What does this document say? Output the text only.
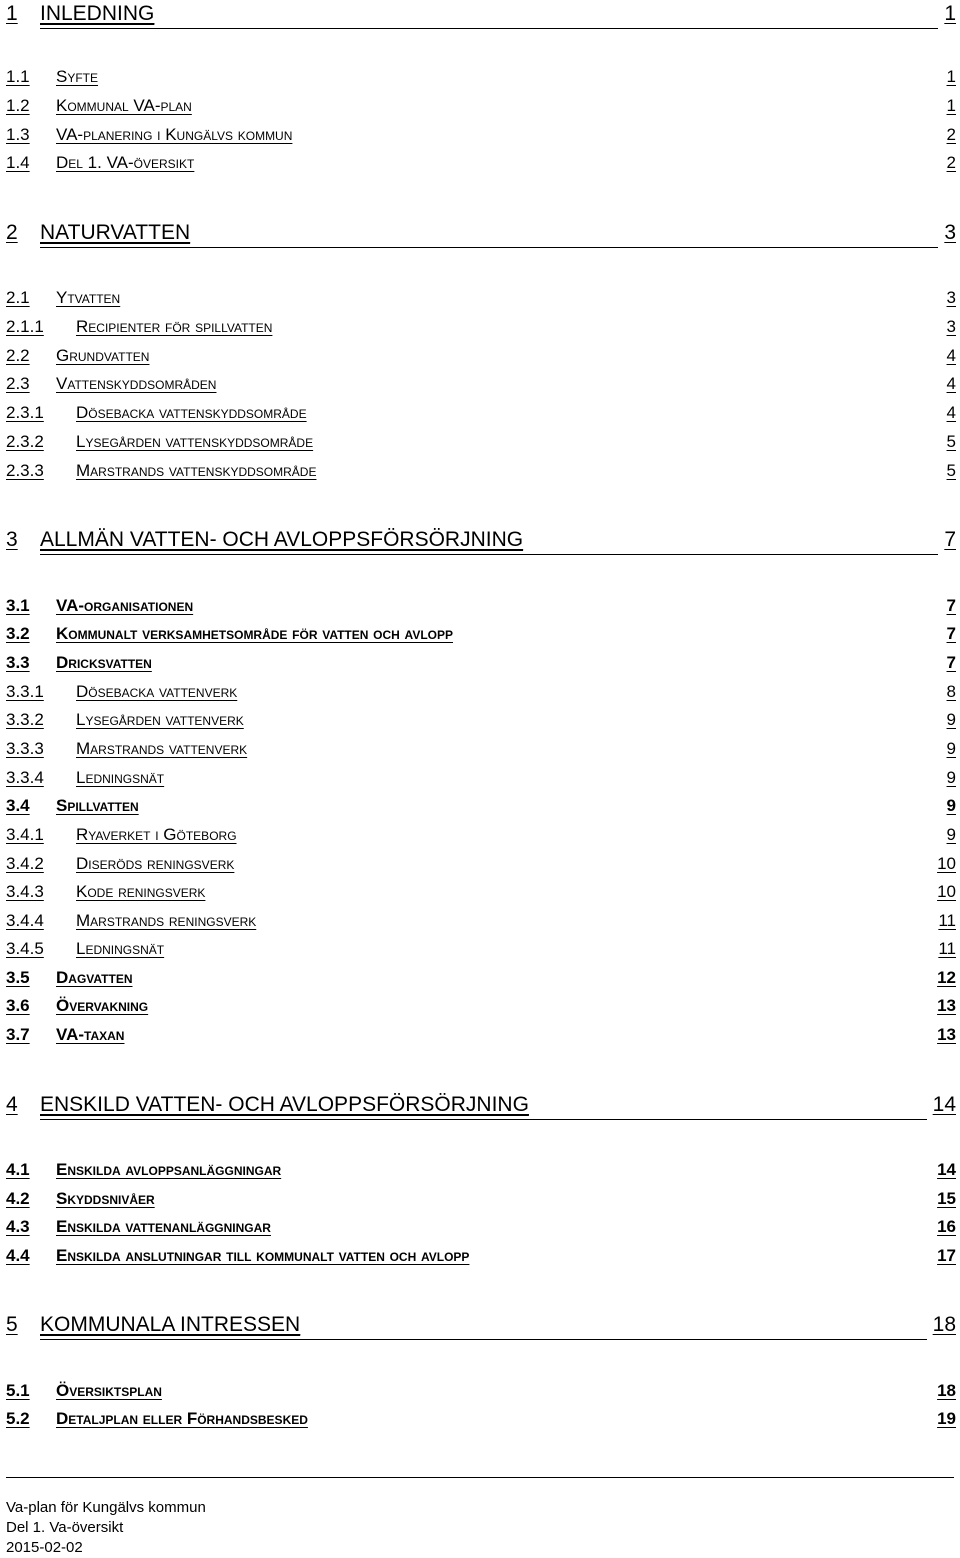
1	INLEDNING	1
1.1	Syfte	1
1.2	Kommunal VA-plan	1
1.3	VA-planering i Kungälvs kommun	2
1.4	Del 1. VA-översikt	2
2	NATURVATTEN	3
2.1	Ytvatten	3
2.1.1	Recipienter för spillvatten	3
2.2	Grundvatten	4
2.3	Vattenskyddsområden	4
2.3.1	Dösebacka vattenskyddsområde	4
2.3.2	Lysegården vattenskyddsområde	5
2.3.3	Marstrands vattenskyddsområde	5
3	ALLMÄN VATTEN- OCH AVLOPPSFÖRSÖRJNING	7
3.1	VA-organisationen	7
3.2	Kommunalt verksamhetsområde för vatten och avlopp	7
3.3	Dricksvatten	7
3.3.1	Dösebacka vattenverk	8
3.3.2	Lysegården vattenverk	9
3.3.3	Marstrands vattenverk	9
3.3.4	Ledningsnät	9
3.4	Spillvatten	9
3.4.1	Ryaverket i Göteborg	9
3.4.2	Diseröds reningsverk	10
3.4.3	Kode reningsverk	10
3.4.4	Marstrands reningsverk	11
3.4.5	Ledningsnät	11
3.5	Dagvatten	12
3.6	Övervakning	13
3.7	VA-taxan	13
4	ENSKILD VATTEN- OCH AVLOPPSFÖRSÖRJNING	14
4.1	Enskilda avloppsanläggningar	14
4.2	Skyddsnivåer	15
4.3	Enskilda vattenanläggningar	16
4.4	Enskilda anslutningar till kommunalt vatten och avlopp	17
5	KOMMUNALA INTRESSEN	18
5.1	Översiktsplan	18
5.2	Detaljplan eller Förhandsbesked	19
Va-plan för Kungälvs kommun
Del 1. Va-översikt
2015-02-02
